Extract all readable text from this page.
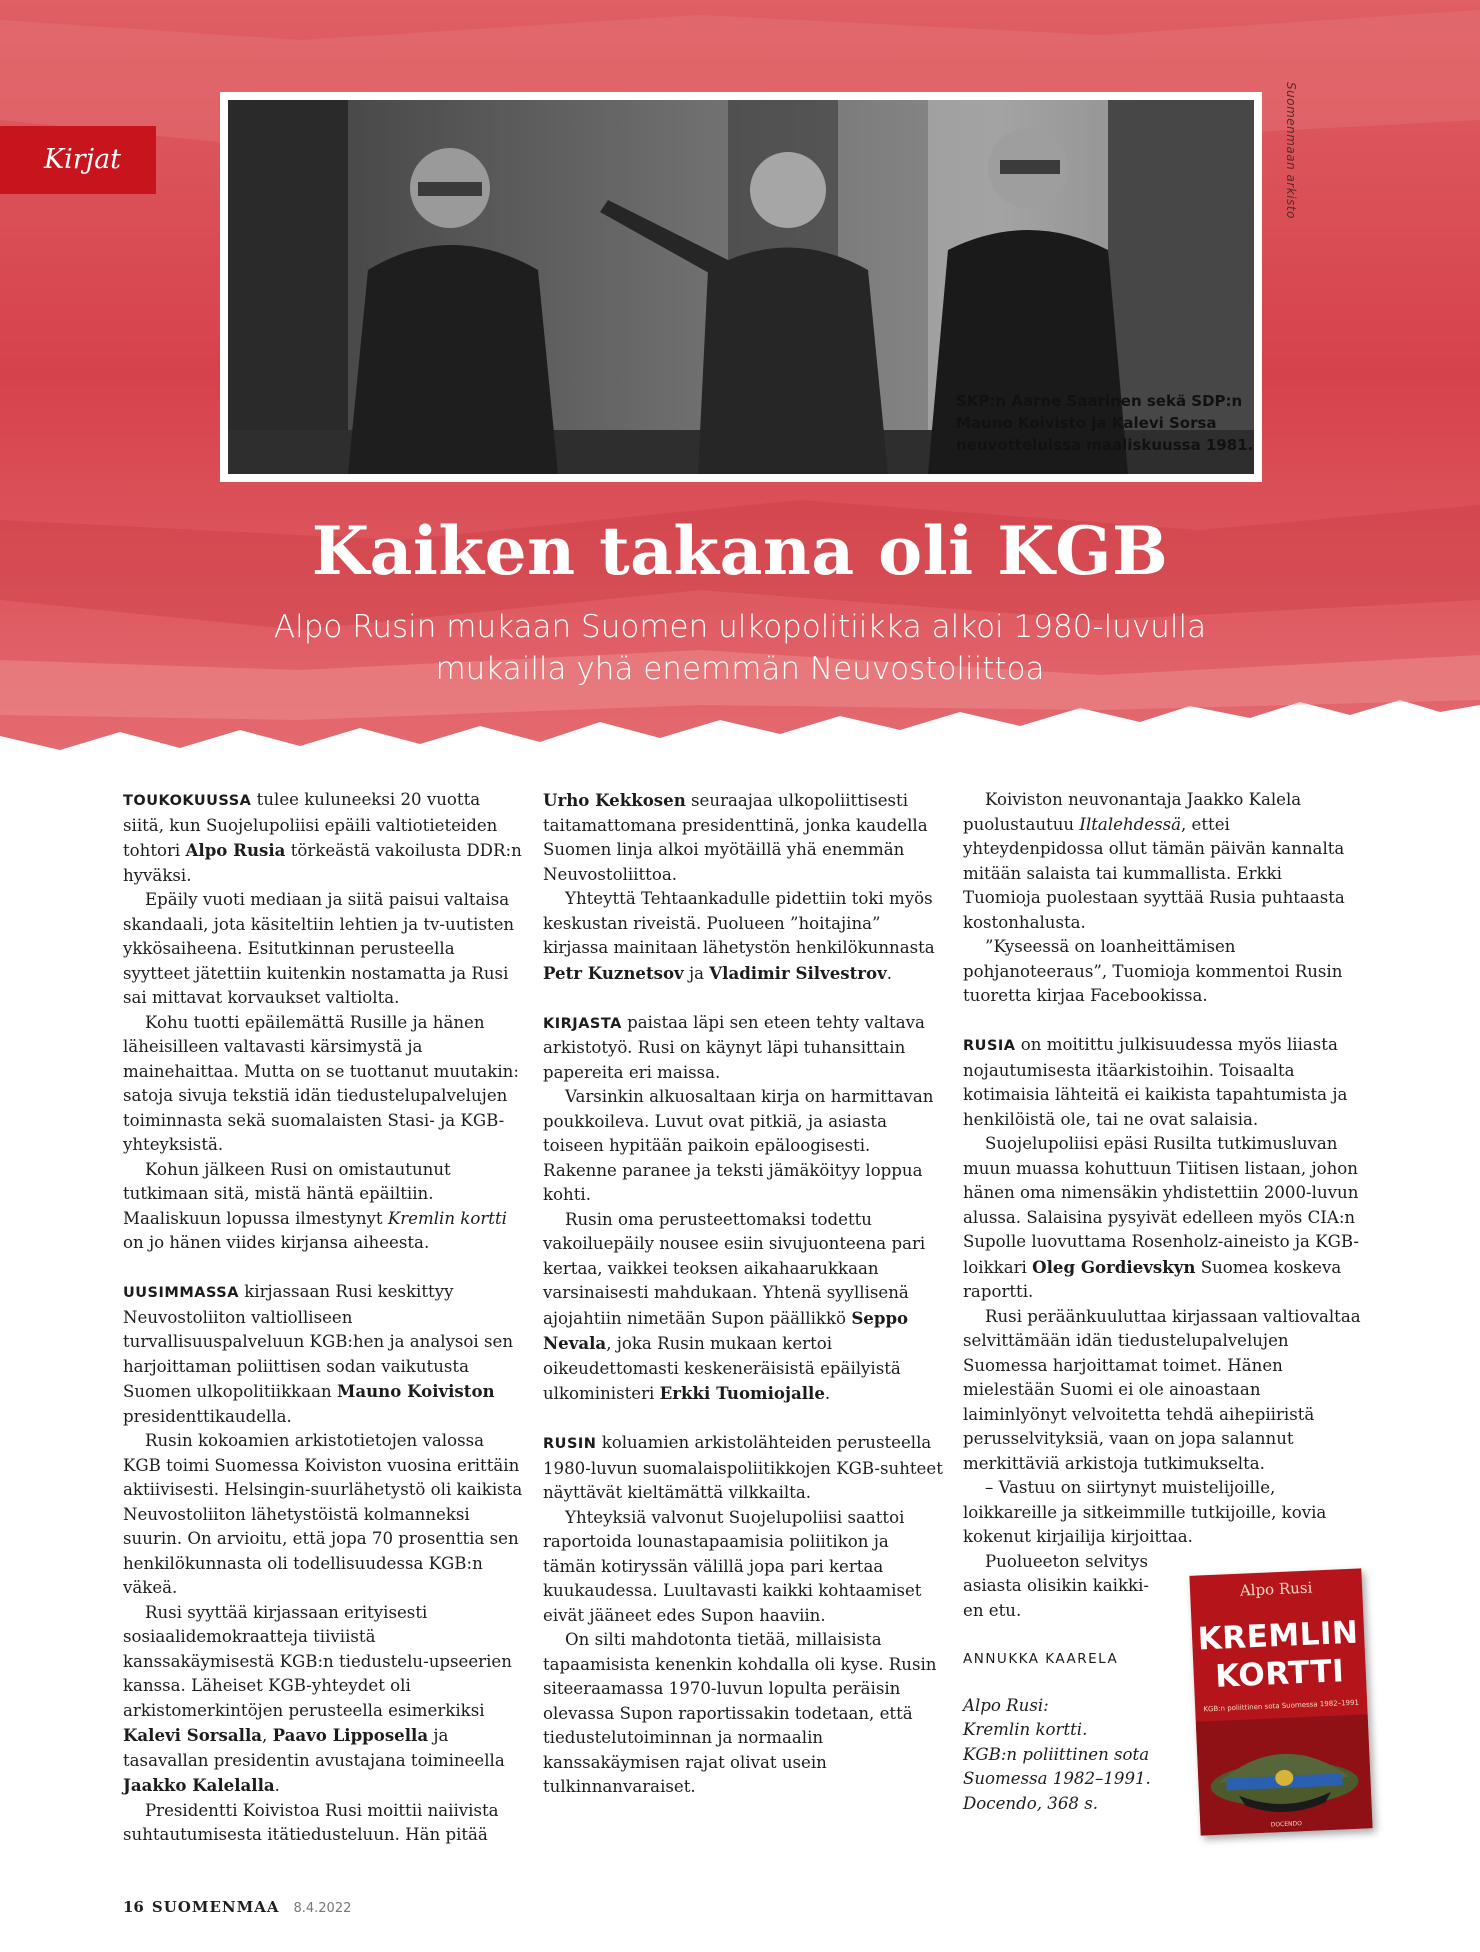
Kirjat	Suomenmaan arkisto
SKP:n Aarne Saarinen sekä SDP:n
Mauno Koivisto ja Kalevi Sorsa
neuvotteluissa maaliskuussa 1981.
Kaiken takana oli KGB
Alpo Rusin mukaan Suomen ulkopolitiikka alkoi 1980-luvulla
mukailla yhä enemmän Neuvostoliittoa

TOUKOKUUSSA tulee kuluneeksi 20 vuotta siitä, kun Suojelupoliisi epäili valtiotieteiden tohtori Alpo Rusia törkeästä vakoilusta DDR:n hyväksi.

Epäily vuoti mediaan ja siitä paisui valtaisa skandaali, jota käsiteltiin lehtien ja tv-uutisten ykkösaiheena. Esitutkinnan perusteella syytteet jätettiin kuitenkin nostamatta ja Rusi sai mittavat korvaukset valtiolta.

Kohu tuotti epäilemättä Rusille ja hänen läheisilleen valtavasti kärsimystä ja mainehaittaa. Mutta on se tuottanut muutakin: satoja sivuja tekstiä idän tiedustelupalvelujen toiminnasta sekä suomalaisten Stasi- ja KGB-yhteyksistä.

Kohun jälkeen Rusi on omistautunut tutkimaan sitä, mistä häntä epäiltiin. Maaliskuun lopussa ilmestynyt Kremlin kortti on jo hänen viides kirjansa aiheesta.

UUSIMMASSA kirjassaan Rusi keskittyy Neuvostoliiton valtiolliseen turvallisuuspalveluun KGB:hen ja analysoi sen harjoittaman poliittisen sodan vaikutusta Suomen ulkopolitiikkaan Mauno Koiviston presidenttikaudella.

Rusin kokoamien arkistotietojen valossa KGB toimi Suomessa Koiviston vuosina erittäin aktiivisesti. Helsingin-suurlähetystö oli kaikista Neuvostoliiton lähetystöistä kolmanneksi suurin. On arvioitu, että jopa 70 prosenttia sen henkilökunnasta oli todellisuudessa KGB:n väkeä.

Rusi syyttää kirjassaan erityisesti sosiaalidemokraatteja tiiviistä kanssakäymisestä KGB:n tiedustelu-upseerien kanssa. Läheiset KGB-yhteydet oli arkistomerkintöjen perusteella esimerkiksi Kalevi Sorsalla, Paavo Lipposella ja tasavallan presidentin avustajana toimineella Jaakko Kalelalla.

Presidentti Koivistoa Rusi moittii naiivista suhtautumisesta itätiedusteluun. Hän pitää

Urho Kekkosen seuraajaa ulkopoliittisesti taitamattomana presidenttinä, jonka kaudella Suomen linja alkoi myötäillä yhä enemmän Neuvostoliittoa.

Yhteyttä Tehtaankadulle pidettiin toki myös keskustan riveistä. Puolueen ”hoitajina” kirjassa mainitaan lähetystön henkilökunnasta Petr Kuznetsov ja Vladimir Silvestrov.

KIRJASTA paistaa läpi sen eteen tehty valtava arkistotyö. Rusi on käynyt läpi tuhansittain papereita eri maissa.

Varsinkin alkuosaltaan kirja on harmittavan poukkoileva. Luvut ovat pitkiä, ja asiasta toiseen hypitään paikoin epäloogisesti. Rakenne paranee ja teksti jämäköityy loppua kohti.

Rusin oma perusteettomaksi todettu vakoiluepäily nousee esiin sivujuonteena pari kertaa, vaikkei teoksen aikahaarukkaan varsinaisesti mahdukaan. Yhtenä syyllisenä ajojahtiin nimetään Supon päällikkö Seppo Nevala, joka Rusin mukaan kertoi oikeudettomasti keskeneräisistä epäilyistä ulkoministeri Erkki Tuomiojalle.

RUSIN koluamien arkistolähteiden perusteella 1980-luvun suomalaispoliitikkojen KGB-suhteet näyttävät kieltämättä vilkkailta.

Yhteyksiä valvonut Suojelupoliisi saattoi raportoida lounastapaamisia poliitikon ja tämän kotiryssän välillä jopa pari kertaa kuukaudessa. Luultavasti kaikki kohtaamiset eivät jääneet edes Supon haaviin.

On silti mahdotonta tietää, millaisista tapaamisista kenenkin kohdalla oli kyse. Rusin siteeraamassa 1970-luvun lopulta peräisin olevassa Supon raportissakin todetaan, että tiedustelutoiminnan ja normaalin kanssakäymisen rajat olivat usein tulkinnanvaraiset.

Koiviston neuvonantaja Jaakko Kalela puolustautuu Iltalehdessä, ettei yhteydenpidossa ollut tämän päivän kannalta mitään salaista tai kummallista. Erkki Tuomioja puolestaan syyttää Rusia puhtaasta kostonhalusta.

”Kyseessä on loanheittämisen pohjanoteeraus”, Tuomioja kommentoi Rusin tuoretta kirjaa Facebookissa.

RUSIA on moitittu julkisuudessa myös liiasta nojautumisesta itäarkistoihin. Toisaalta kotimaisia lähteitä ei kaikista tapahtumista ja henkilöistä ole, tai ne ovat salaisia.

Suojelupoliisi epäsi Rusilta tutkimusluvan muun muassa kohuttuun Tiitisen listaan, johon hänen oma nimensäkin yhdistettiin 2000-luvun alussa. Salaisina pysyivät edelleen myös CIA:n Supolle luovuttama Rosenholz-aineisto ja KGB-loikkari Oleg Gordievskyn Suomea koskeva raportti.

Rusi peräänkuuluttaa kirjassaan valtiovaltaa selvittämään idän tiedustelupalvelujen Suomessa harjoittamat toimet. Hänen mielestään Suomi ei ole ainoastaan laiminlyönyt velvoitetta tehdä aihepiiristä perusselvityksiä, vaan on jopa salannut merkittäviä arkistoja tutkimukselta.

– Vastuu on siirtynyt muistelijoille, loikkareille ja sitkeimmille tutkijoille, kovia kokenut kirjailija kirjoittaa.

Puolueeton selvitys
asiasta olisikin kaikki-
en etu.

ANNUKKA KAARELA

Alpo Rusi:
Kremlin kortti.
KGB:n poliittinen sota
Suomessa 1982–1991.
Docendo, 368 s.

Alpo Rusi
KREMLIN
KORTTI
KGB:n poliittinen sota Suomessa 1982–1991
DOCENDO
16 SUOMENMAA 8.4.2022
